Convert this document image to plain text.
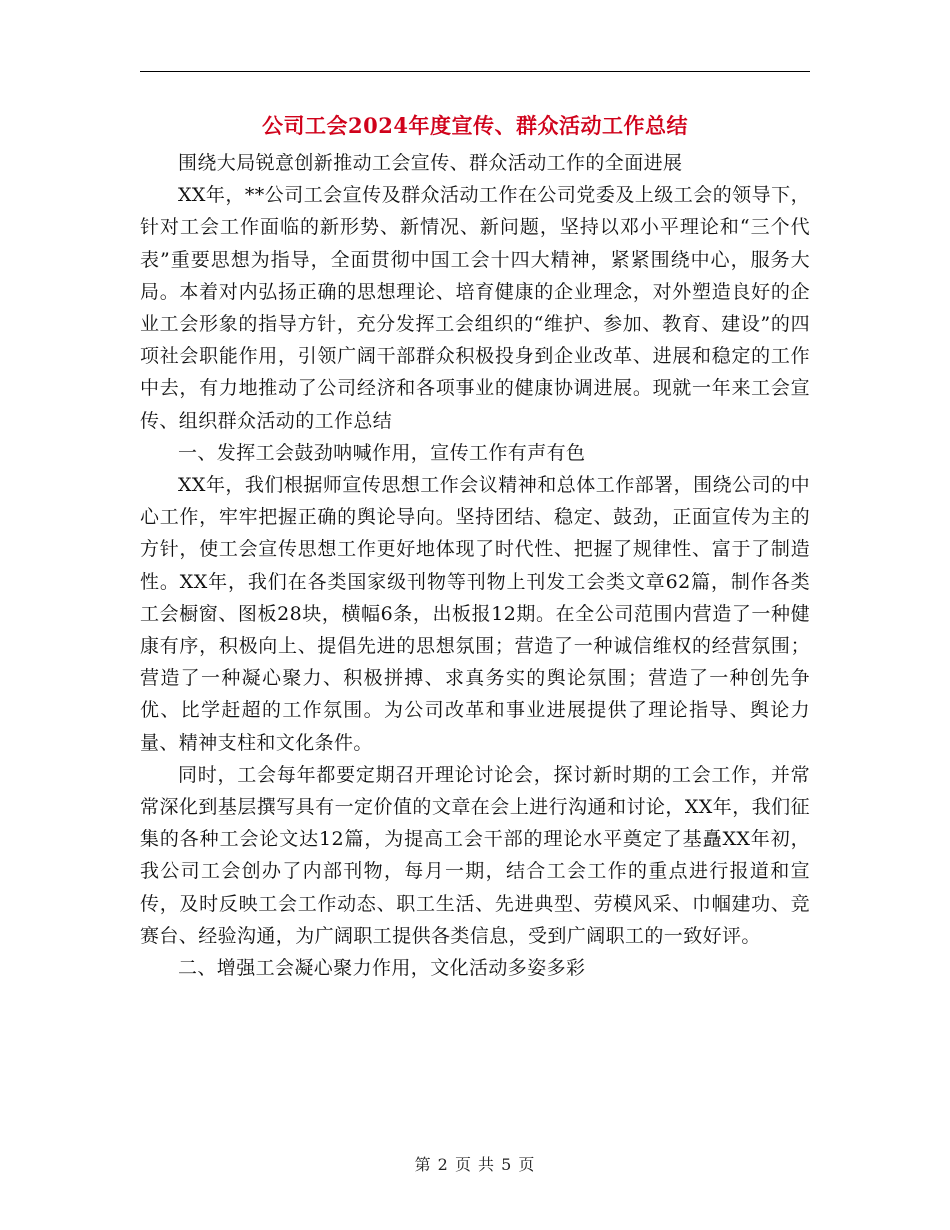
公司工会2024年度宣传、群众活动工作总结

围绕大局锐意创新推动工会宣传、群众活动工作的全面进展

XX年，**公司工会宣传及群众活动工作在公司党委及上级工会的领导下，针对工会工作面临的新形势、新情况、新问题，坚持以邓小平理论和“三个代表”重要思想为指导，全面贯彻中国工会十四大精神，紧紧围绕中心，服务大局。本着对内弘扬正确的思想理论、培育健康的企业理念，对外塑造良好的企业工会形象的指导方针，充分发挥工会组织的“维护、参加、教育、建设”的四项社会职能作用，引领广阔干部群众积极投身到企业改革、进展和稳定的工作中去，有力地推动了公司经济和各项事业的健康协调进展。现就一年来工会宣传、组织群众活动的工作总结

一、发挥工会鼓劲呐喊作用，宣传工作有声有色

XX年，我们根据师宣传思想工作会议精神和总体工作部署，围绕公司的中心工作，牢牢把握正确的舆论导向。坚持团结、稳定、鼓劲，正面宣传为主的方针，使工会宣传思想工作更好地体现了时代性、把握了规律性、富于了制造性。XX年，我们在各类国家级刊物等刊物上刊发工会类文章62篇，制作各类工会橱窗、图板28块，横幅6条，出板报12期。在全公司范围内营造了一种健康有序，积极向上、提倡先进的思想氛围；营造了一种诚信维权的经营氛围；营造了一种凝心聚力、积极拼搏、求真务实的舆论氛围；营造了一种创先争优、比学赶超的工作氛围。为公司改革和事业进展提供了理论指导、舆论力量、精神支柱和文化条件。

同时，工会每年都要定期召开理论讨论会，探讨新时期的工会工作，并常常深化到基层撰写具有一定价值的文章在会上进行沟通和讨论，XX年，我们征集的各种工会论文达12篇，为提高工会干部的理论水平奠定了基矗XX年初，我公司工会创办了内部刊物，每月一期，结合工会工作的重点进行报道和宣传，及时反映工会工作动态、职工生活、先进典型、劳模风采、巾帼建功、竞赛台、经验沟通，为广阔职工提供各类信息，受到广阔职工的一致好评。

二、增强工会凝心聚力作用，文化活动多姿多彩

第 2 页 共 5 页
